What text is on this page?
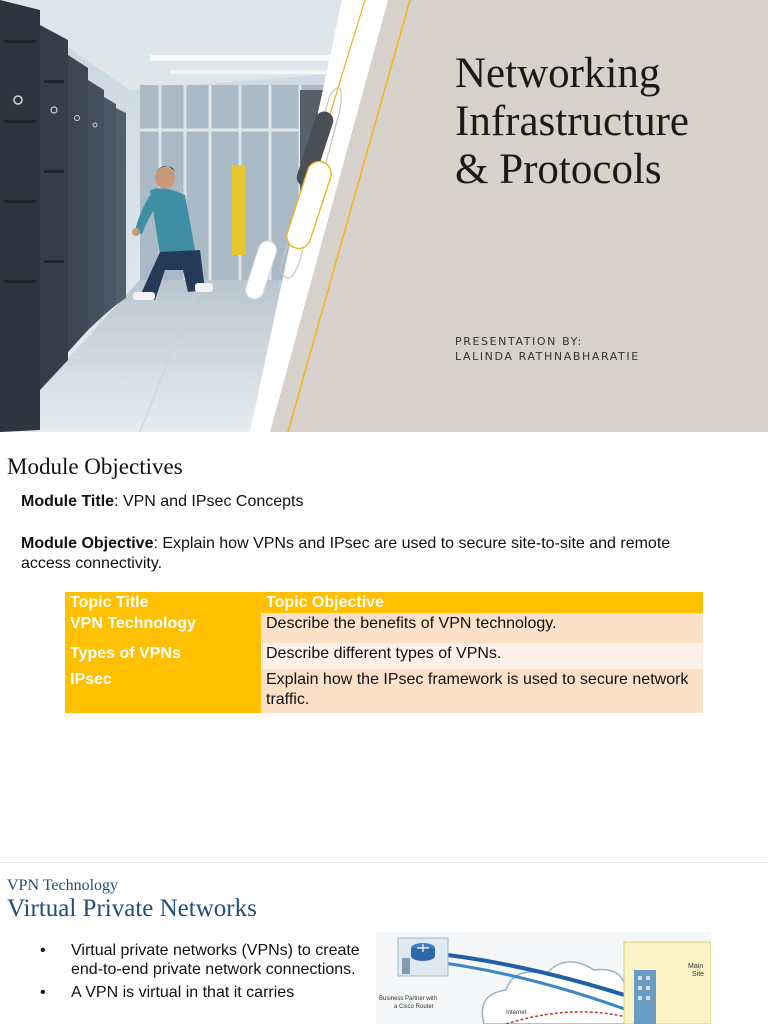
Networking
Infrastructure
& Protocols
PRESENTATION BY:
LALINDA RATHNABHARATIE
Module Objectives
Module Title: VPN and IPsec Concepts
Module Objective: Explain how VPNs and IPsec are used to secure site-to-site and remote access connectivity.
Topic Title	Topic Objective
VPN Technology	Describe the benefits of VPN technology.
Types of VPNs	Describe different types of VPNs.
IPsec	Explain how the IPsec framework is used to secure network traffic.
VPN Technology
Virtual Private Networks
• Virtual private networks (VPNs) to create end-to-end private network connections.
• A VPN is virtual in that it carries	Business Partner with
a Cisco Router
Internet
Main
Site
